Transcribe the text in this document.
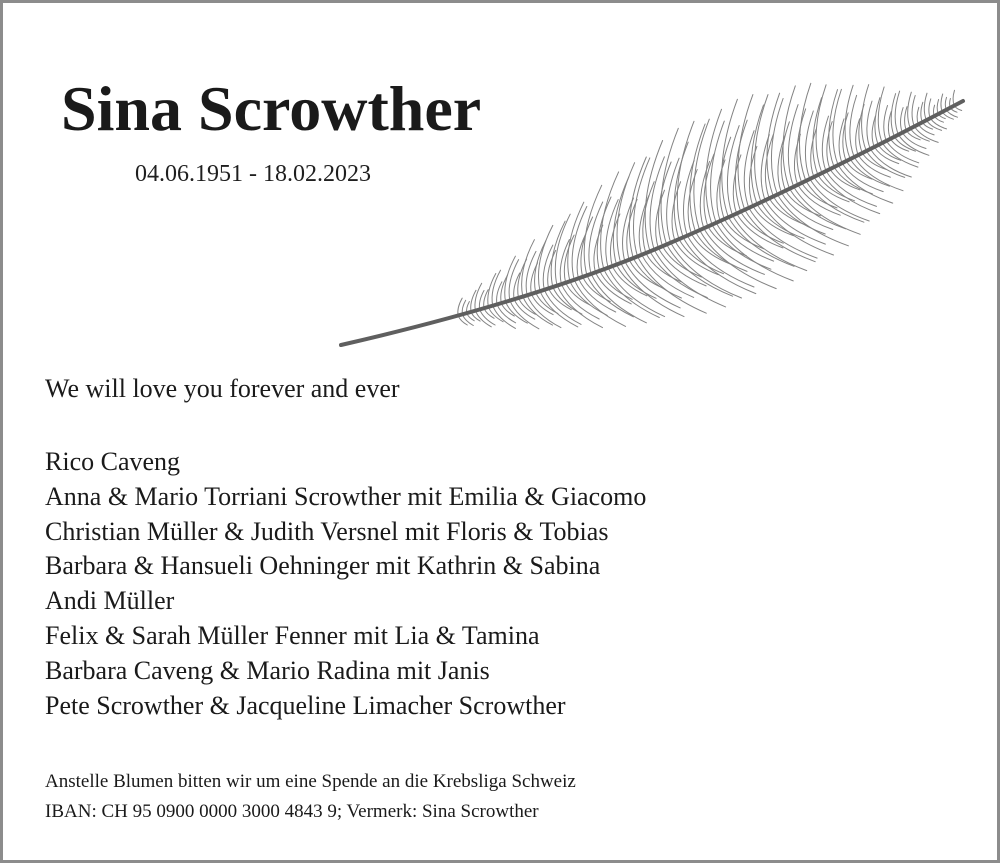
Sina Scrowther
04.06.1951 - 18.02.2023
We will love you forever and ever
Rico Caveng
Anna & Mario Torriani Scrowther mit Emilia & Giacomo
Christian Müller & Judith Versnel mit Floris & Tobias
Barbara & Hansueli Oehninger mit Kathrin & Sabina
Andi Müller
Felix & Sarah Müller Fenner mit Lia & Tamina
Barbara Caveng & Mario Radina mit Janis
Pete Scrowther & Jacqueline Limacher Scrowther
Anstelle Blumen bitten wir um eine Spende an die Krebsliga Schweiz
IBAN: CH 95 0900 0000 3000 4843 9; Vermerk: Sina Scrowther
